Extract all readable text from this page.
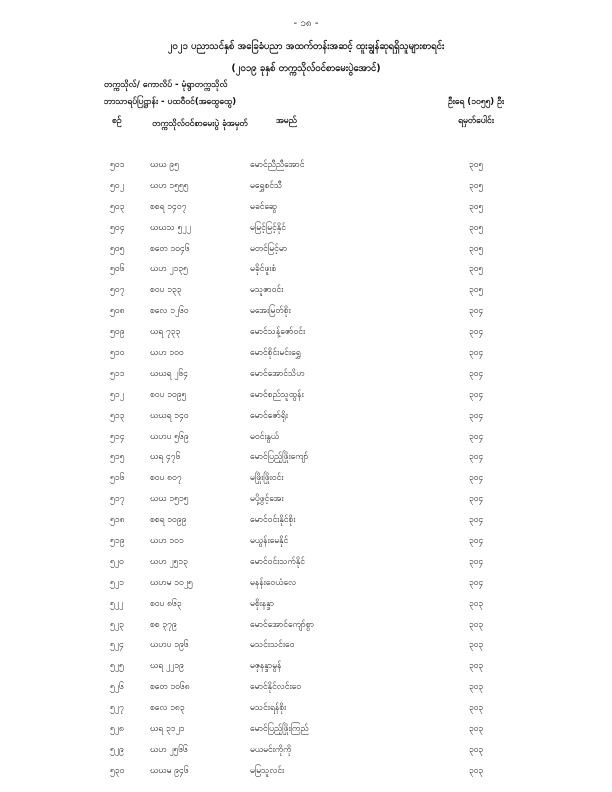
- ၁၈ -
၂၀၂၁ ပညာသင်နှစ် အခြေခံပညာ အထက်တန်းအဆင့် ထူးချွန်ဆုရရှိသူများစာရင်း
(၂၀၁၉ ခုနှစ် တက္ကသိုလ်ဝင်စာမေးပွဲအောင်)
တက္ကသိုလ်/ ကောလိပ် - မုံရွာတက္ကသိုလ်
ဘာသာရပ်ပြဋ္ဌာန်း - ပထဝီဝင်(အထွေထွေ)	ဦးရေ (၁၀၅၅) ဦး
စဉ်	တက္ကသိုလ်ဝင်စာမေးပွဲ ခုံအမှတ်	အမည်	ရမှတ်ပေါင်း
၅၀၁	ဃဃ ၉၅	မောင်ညီညီအောင်	၃၀၅
၅၀၂	ဃဟ ၁၅၅၅	မရွှေစင်သီ	၃၀၅
၅၀၃	စစရ ၁၄၀၇	မခင်ဆွေ	၃၀၅
၅၀၄	ဃဃသ ၅၂၂	မမြင့်မြင့်နိုင်	၃၀၅
၅၀၅	စတေ ၁၀၄၆	မတင်မြင့်မာ	၃၀၅
၅၀၆	ဃဟ ၂၁၃၅	မခိုင်ဖူးစံ	၃၀၅
၅၀၇	စဝပ ၁၃၃	မသူဇာဝင်း	၃၀၅
၅၀၈	စလေ ၁၂၆၀	မအေးမြတ်စိုး	၃၀၄
၅၀၉	ဃရ ၇၃၃	မောင်သန့်ဇော်ဝင်း	၃၀၄
၅၁၀	ဃဟ ၁၀၀	မောင်စိုင်းမင်းရွှေ	၃၀၄
၅၁၁	ဃဃရ ၂၆၄	မောင်အောင်သိဟ	၃၀၄
၅၁၂	စဝပ ၁၀၉၅	မောင်စည်သူထွန်း	၃၀၄
၅၁၃	ဃဃရ ၁၄၀	မောင်ဇော်ရိုး	၃၀၄
၅၁၄	ဃဟပ ၅၆၉	မဝင်းနွယ်	၃၀၄
၅၁၅	ဃရ ၄၇၆	မောင်ပြည့်ဖြိုးကျော်	၃၀၄
၅၁၆	စဝပ ၈၀၇	မဖြိုးဖြိုးဝင်း	၃၀၄
၅၁၇	ဃဃ ၁၅၁၅	မပို့ဖွင့်အေး	၃၀၄
၅၁၈	စစရ ၁၀၉၉	မောင်ဝင်းနိုင်စိုး	၃၀၄
၅၁၉	ဃဟ ၁၀၁	မယွန်းမေနိုင်	၃၀၄
၅၂၀	ဃဟ ၂၅၁၃	မောင်ဝင်းသက်နိုင်	၃၀၄
၅၂၁	ဃဟမ ၁၀၂၅	မနန်းဝေယံလေ	၃၀၄
၅၂၂	စဝပ ၈၆၃	မစိုးနန္ဒာ	၃၀၃
၅၂၃	စစ ၃၇၉	မောင်အောင်ကျော်စွာ	၃၀၃
၅၂၄	ဃဟပ ၁၉၆	မသင်းသင်းဝေ	၃၀၃
၅၂၅	ဃရ ၂၂၁၉	မဇုနန္ဒာမွန်	၃၀၃
၅၂၆	စတေ ၁၀၆၈	မောင်နိုင်လင်းဝေ	၃၀၃
၅၂၇	စလေ ၁၈၃	မသင်းရန်စိုး	၃၀၃
၅၂၈	ဃရ ၃၁၂၁	မောင်ပြည့်ဖြိုးကြည်	၃၀၃
၅၂၉	ဃဟ ၂၅၆၆	မယမင်းကိုကို	၃၀၃
၅၃၀	ဃဃမ ၉၄၆	မမြသူလင်း	၃၀၃
